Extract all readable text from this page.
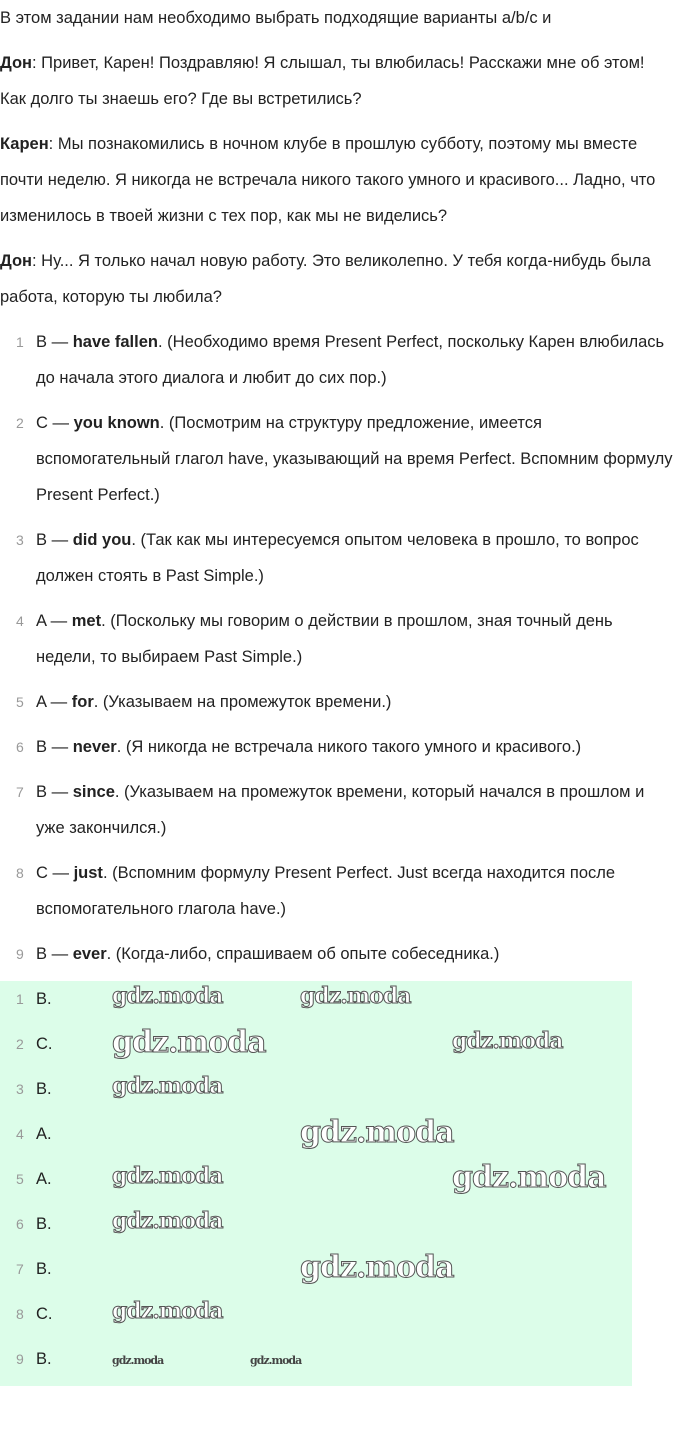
В этом задании нам необходимо выбрать подходящие варианты a/b/c и

Дон: Привет, Карен! Поздравляю! Я слышал, ты влюбилась! Расскажи мне об этом! Как долго ты знаешь его? Где вы встретились?

Карен: Мы познакомились в ночном клубе в прошлую субботу, поэтому мы вместе почти неделю. Я никогда не встречала никого такого умного и красивого... Ладно, что изменилось в твоей жизни с тех пор, как мы не виделись?

Дон: Ну... Я только начал новую работу. Это великолепно. У тебя когда-нибудь была работа, которую ты любила?

1 B — have fallen. (Необходимо время Present Perfect, поскольку Карен влюбилась до начала этого диалога и любит до сих пор.)
2 C — you known. (Посмотрим на структуру предложение, имеется вспомогательный глагол have, указывающий на время Perfect. Вспомним формулу Present Perfect.)
3 B — did you. (Так как мы интересуемся опытом человека в прошло, то вопрос должен стоять в Past Simple.)
4 A — met. (Поскольку мы говорим о действии в прошлом, зная точный день недели, то выбираем Past Simple.)
5 A — for. (Указываем на промежуток времени.)
6 B — never. (Я никогда не встречала никого такого умного и красивого.)
7 B — since. (Указываем на промежуток времени, который начался в прошлом и уже закончился.)
8 C — just. (Вспомним формулу Present Perfect. Just всегда находится после вспомогательного глагола have.)
9 B — ever. (Когда-либо, спрашиваем об опыте собеседника.)
1 B.	gdz.moda	gdz.moda
2 C. gdz.moda	gdz.moda
3 B.	gdz.moda
4 A.	gdz.moda
5 A.	gdz.moda	gdz.moda
6 B.	gdz.moda
7 B.	gdz.moda
8 C.	gdz.moda
9 B.	gdz.moda	gdz.moda
